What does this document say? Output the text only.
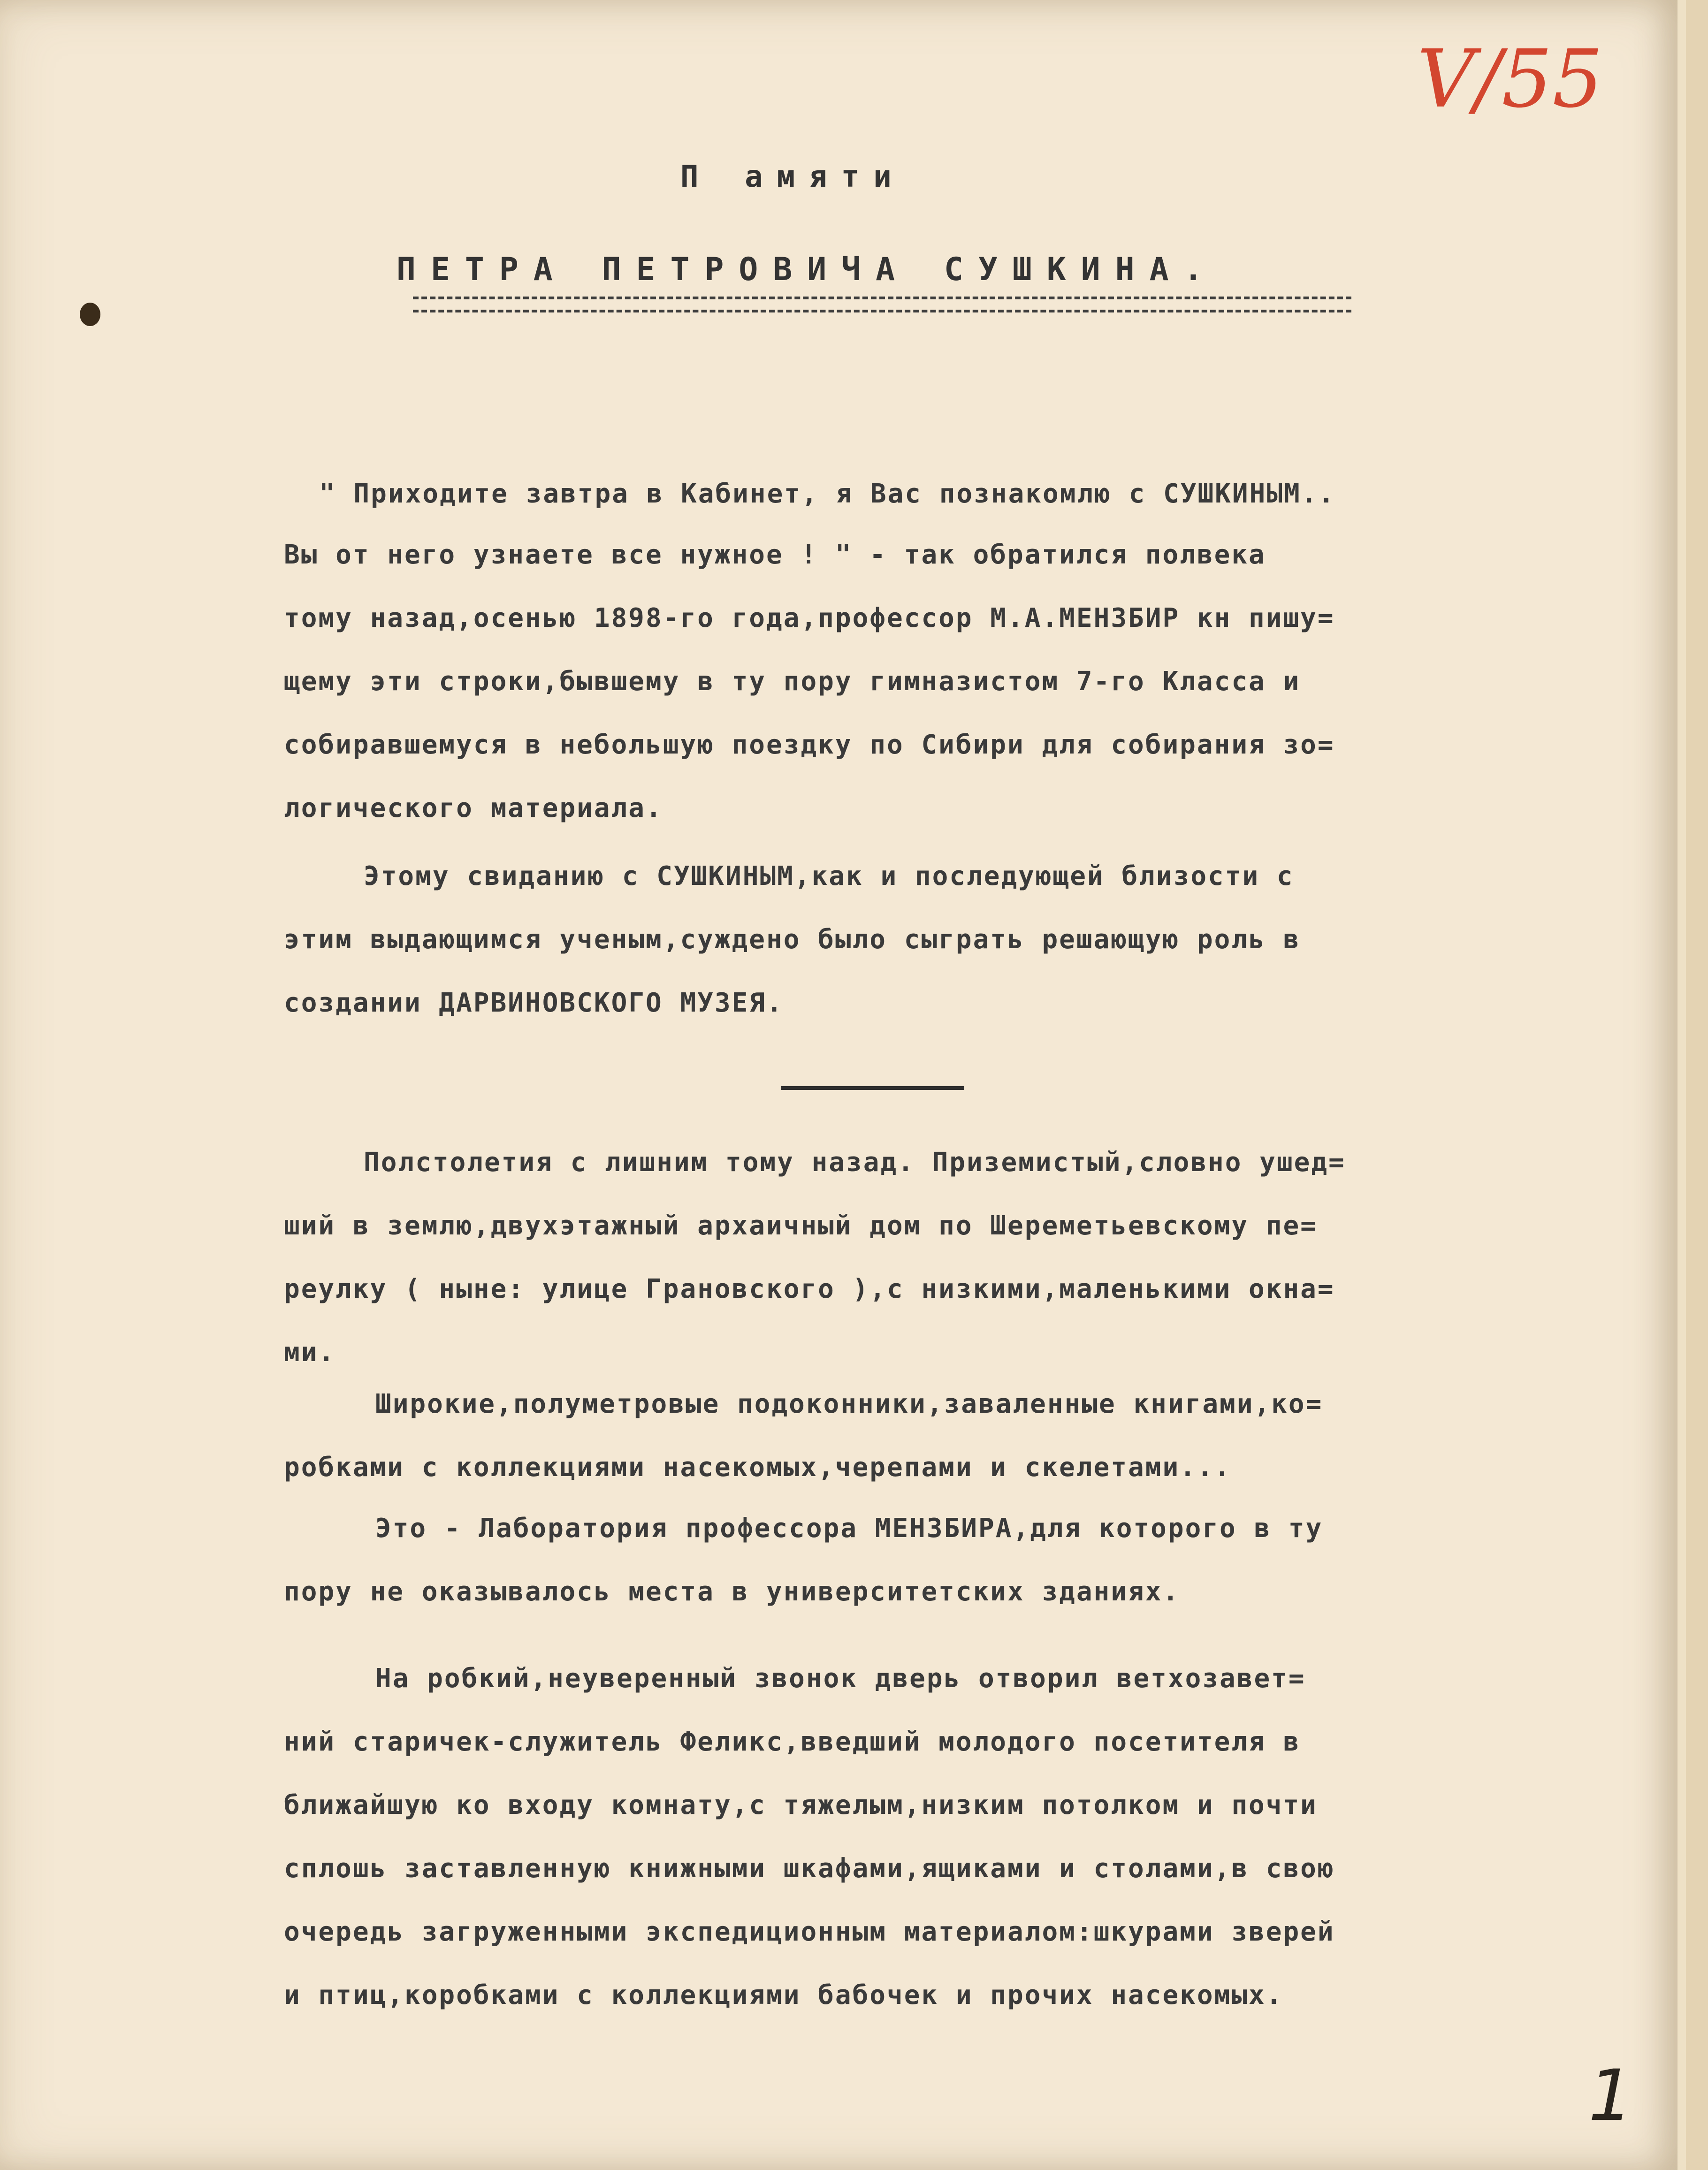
V/55
П амяти
ПЕТРА ПЕТРОВИЧА СУШКИНА.
" Приходите завтра в Кабинет, я Вас познакомлю с СУШКИНЫМ..
Вы от него узнаете все нужное ! " - так обратился полвека
тому назад,осенью 1898-го года,профессор М.А.МЕНЗБИР кн пишу=
щему эти строки,бывшему в ту пору гимназистом 7-го Класса и
собиравшемуся в небольшую поездку по Сибири для собирания зо=
логического материала.
Этому свиданию с СУШКИНЫМ,как и последующей близости с
этим выдающимся ученым,суждено было сыграть решающую роль в
создании ДАРВИНОВСКОГО МУЗЕЯ.
Полстолетия с лишним тому назад. Приземистый,словно ушед=
ший в землю,двухэтажный архаичный дом по Шереметьевскому пе=
реулку ( ныне: улице Грановского ),с низкими,маленькими окна=
ми.
Широкие,полуметровые подоконники,заваленные книгами,ко=
робками с коллекциями насекомых,черепами и скелетами...
Это - Лаборатория профессора МЕНЗБИРА,для которого в ту
пору не оказывалось места в университетских зданиях.
На робкий,неуверенный звонок дверь отворил ветхозавет=
ний старичек-служитель Феликс,введший молодого посетителя в
ближайшую ко входу комнату,с тяжелым,низким потолком и почти
сплошь заставленную книжными шкафами,ящиками и столами,в свою
очередь загруженными экспедиционным материалом:шкурами зверей
и птиц,коробками с коллекциями бабочек и прочих насекомых.
1
